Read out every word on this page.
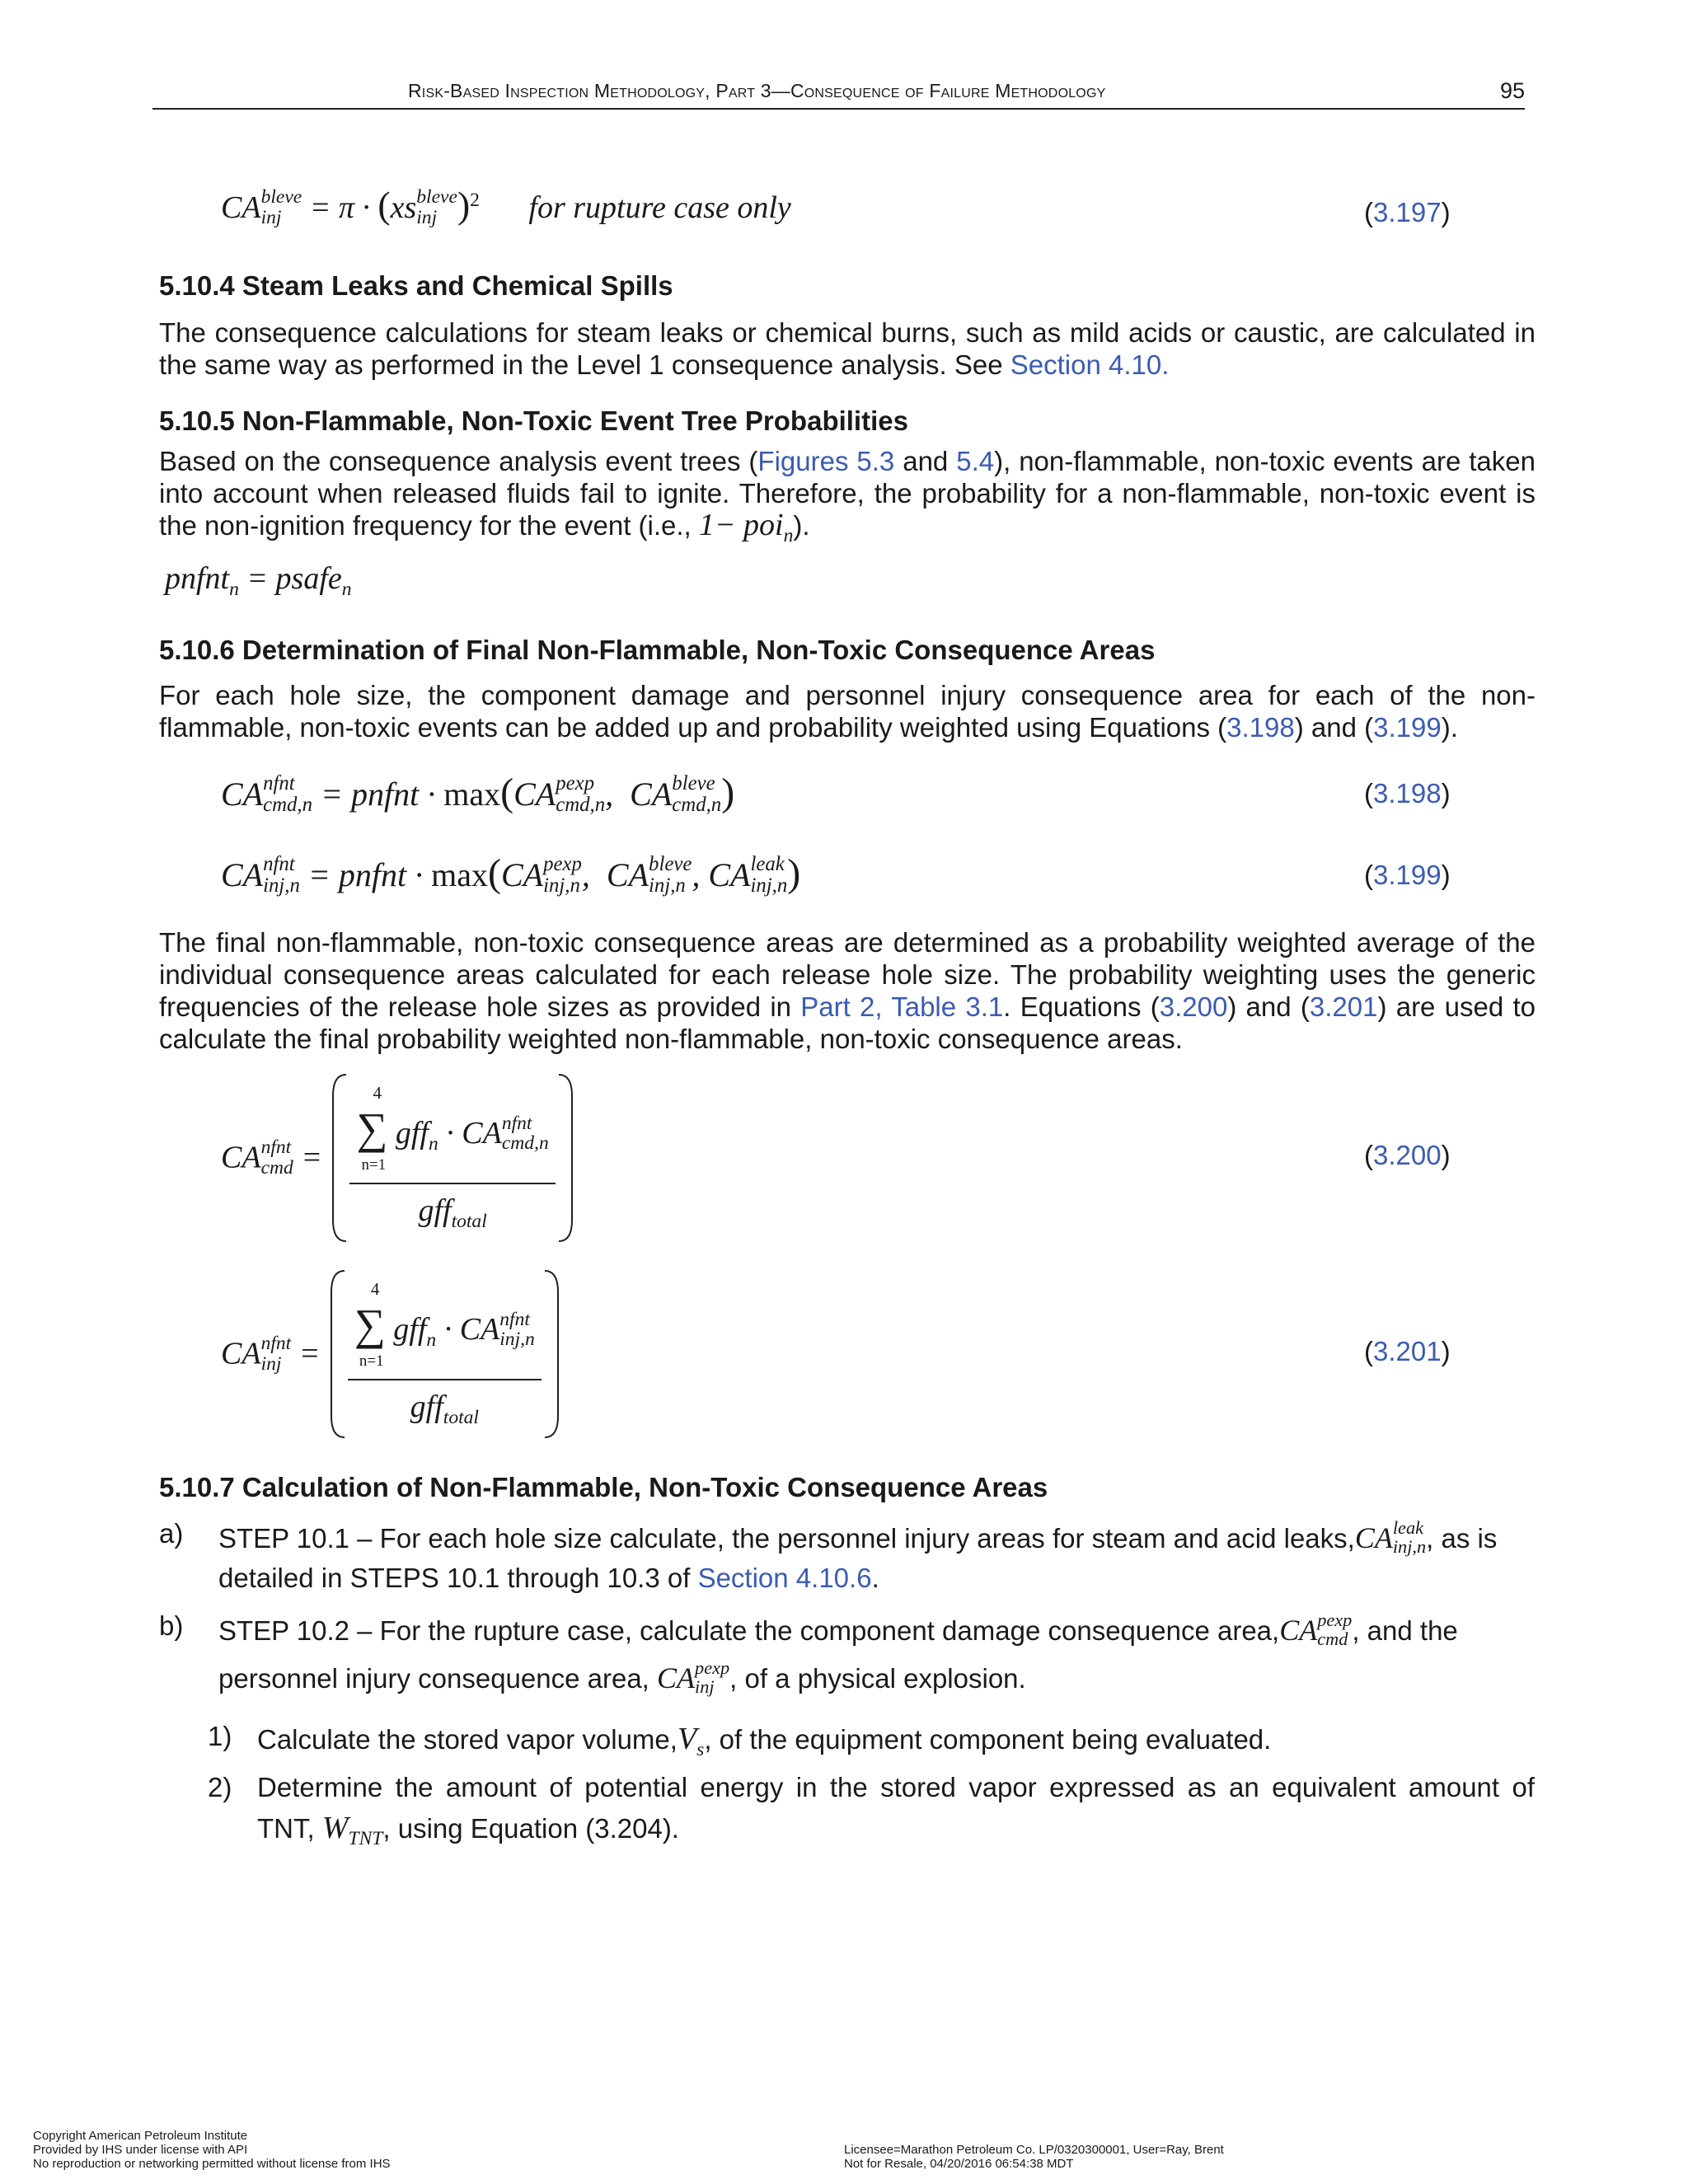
Risk-Based Inspection Methodology, Part 3—Consequence of Failure Methodology	95
CAbleve
inj = π · (xsbleve
inj )$^2$ for rupture case only	(3.197)
5.10.4 Steam Leaks and Chemical Spills
The consequence calculations for steam leaks or chemical burns, such as mild acids or caustic, are calculated in the same way as performed in the Level 1 consequence analysis. See Section 4.10.
5.10.5 Non-Flammable, Non-Toxic Event Tree Probabilities
Based on the consequence analysis event trees (Figures 5.3 and 5.4), non-flammable, non-toxic events are taken into account when released fluids fail to ignite. Therefore, the probability for a non-flammable, non-toxic event is the non-ignition frequency for the event (i.e., 1− poi$_n$).
pnfnt$_n$ = psafe$_n$
5.10.6 Determination of Final Non-Flammable, Non-Toxic Consequence Areas
For each hole size, the component damage and personnel injury consequence area for each of the non-flammable, non-toxic events can be added up and probability weighted using Equations (3.198) and (3.199).
CAnfnt
cmd,n = pnfnt · max(CApexp
cmd,n,  CAbleve
cmd,n)	(3.198)
CAnfnt
inj,n = pnfnt · max(CApexp
inj,n,  CAbleve
inj,n , CAleak
inj,n)	(3.199)
The final non-flammable, non-toxic consequence areas are determined as a probability weighted average of the individual consequence areas calculated for each release hole size. The probability weighting uses the generic frequencies of the release hole sizes as provided in Part 2, Table 3.1. Equations (3.200) and (3.201) are used to calculate the final probability weighted non-flammable, non-toxic consequence areas.
CAnfnt
cmd =
4
∑ gff$_n$ · CAnfnt
cmd,n
n=1
gff$_{total}$
(3.200)
CAnfnt
inj =
4
∑ gff$_n$ · CAnfnt
inj,n
n=1
gff$_{total}$
(3.201)
5.10.7 Calculation of Non-Flammable, Non-Toxic Consequence Areas
a) STEP 10.1 – For each hole size calculate, the personnel injury areas for steam and acid leaks,CAleak
inj,n, as is
detailed in STEPS 10.1 through 10.3 of Section 4.10.6.
b) STEP 10.2 – For the rupture case, calculate the component damage consequence area,CApexp
cmd , and the
personnel injury consequence area, CApexp
inj , of a physical explosion.
1) Calculate the stored vapor $volume,V_s$, of the equipment component being evaluated.
2) Determine the amount of potential energy in the stored vapor expressed as an equivalent amount of
TNT, $W_{TNT}$, using Equation (3.204).
Copyright American Petroleum Institute
Provided by IHS under license with API
No reproduction or networking permitted without license from IHS
Licensee=Marathon Petroleum Co. LP/0320300001, User=Ray, Brent
Not for Resale, 04/20/2016 06:54:38 MDT
